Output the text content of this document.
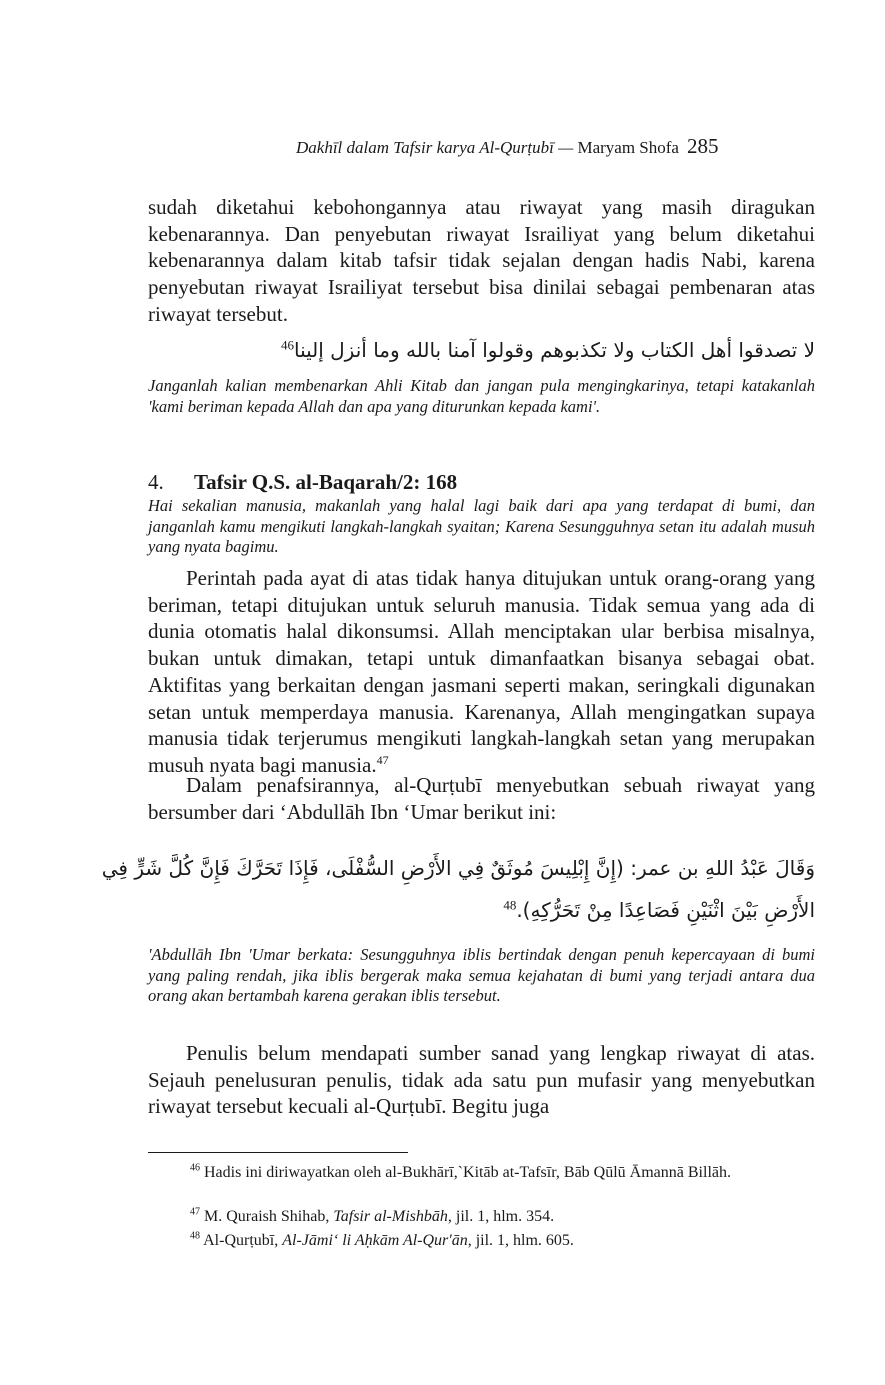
Dakhīl dalam Tafsir karya Al-Qurṭubī — Maryam Shofa 285
sudah diketahui kebohongannya atau riwayat yang masih diragukan kebenarannya. Dan penyebutan riwayat Israiliyat yang belum diketahui kebenarannya dalam kitab tafsir tidak sejalan dengan hadis Nabi, karena penyebutan riwayat Israiliyat tersebut bisa dinilai sebagai pembenaran atas riwayat tersebut.
لا تصدقوا أهل الكتاب ولا تكذبوهم وقولوا آمنا بالله وما أنزل إلينا$^{46}$
Janganlah kalian membenarkan Ahli Kitab dan jangan pula mengingkarinya, tetapi katakanlah 'kami beriman kepada Allah dan apa yang diturunkan kepada kami'.
4. Tafsir Q.S. al-Baqarah/2: 168
Hai sekalian manusia, makanlah yang halal lagi baik dari apa yang terdapat di bumi, dan janganlah kamu mengikuti langkah-langkah syaitan; Karena Sesungguhnya setan itu adalah musuh yang nyata bagimu.
Perintah pada ayat di atas tidak hanya ditujukan untuk orang-orang yang beriman, tetapi ditujukan untuk seluruh manusia. Tidak semua yang ada di dunia otomatis halal dikonsumsi. Allah menciptakan ular berbisa misalnya, bukan untuk dimakan, tetapi untuk dimanfaatkan bisanya sebagai obat. Aktifitas yang berkaitan dengan jasmani seperti makan, seringkali digunakan setan untuk memperdaya manusia. Karenanya, Allah mengingatkan supaya manusia tidak terjerumus mengikuti langkah-langkah setan yang merupakan musuh nyata bagi manusia.$^{47}$
Dalam penafsirannya, al-Qurṭubī menyebutkan sebuah riwayat yang bersumber dari ‘Abdullāh Ibn ‘Umar berikut ini:
وَقَالَ عَبْدُ اللهِ بن عمر: (إِنَّ إِبْلِيسَ مُوثَقٌ فِي الأَرْضِ السُّفْلَى، فَإِذَا تَحَرَّكَ فَإِنَّ كُلَّ شَرٍّ فِي
الأَرْضِ بَيْنَ اثْنَيْنِ فَصَاعِدًا مِنْ تَحَرُّكِهِ).$^{48}$
'Abdullāh Ibn 'Umar berkata: Sesungguhnya iblis bertindak dengan penuh kepercayaan di bumi yang paling rendah, jika iblis bergerak maka semua kejahatan di bumi yang terjadi antara dua orang akan bertambah karena gerakan iblis tersebut.
Penulis belum mendapati sumber sanad yang lengkap riwayat di atas. Sejauh penelusuran penulis, tidak ada satu pun mufasir yang menyebutkan riwayat tersebut kecuali al-Qurṭubī. Begitu juga
$^{46}$ Hadis ini diriwayatkan oleh al-Bukhārī,`Kitāb at-Tafsīr, Bāb Qūlū Āmannā Billāh.
$^{47}$ M. Quraish Shihab, Tafsir al-Mishbāh, jil. 1, hlm. 354.
$^{48}$ Al-Qurṭubī, Al-Jāmi‘ li Aḥkām Al-Qur'ān, jil. 1, hlm. 605.
